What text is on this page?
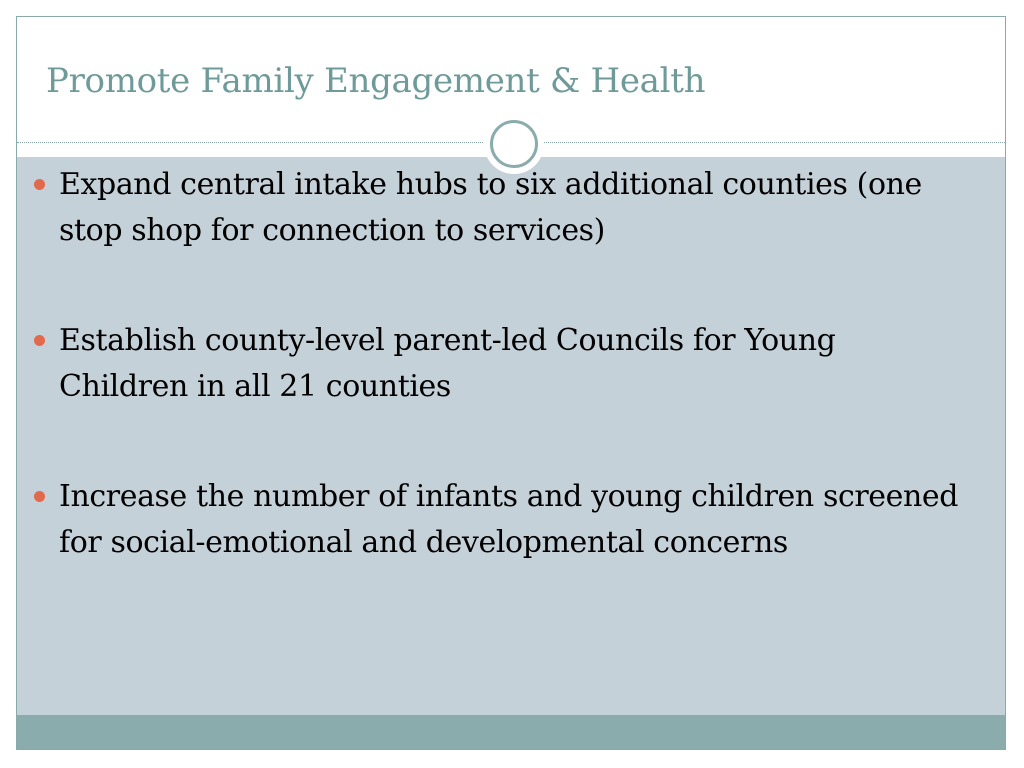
Promote Family Engagement & Health
Expand central intake hubs to six additional counties (one stop shop for connection to services)
Establish county-level parent-led Councils for Young Children in all 21 counties
Increase the number of infants and young children screened for social-emotional and developmental concerns
